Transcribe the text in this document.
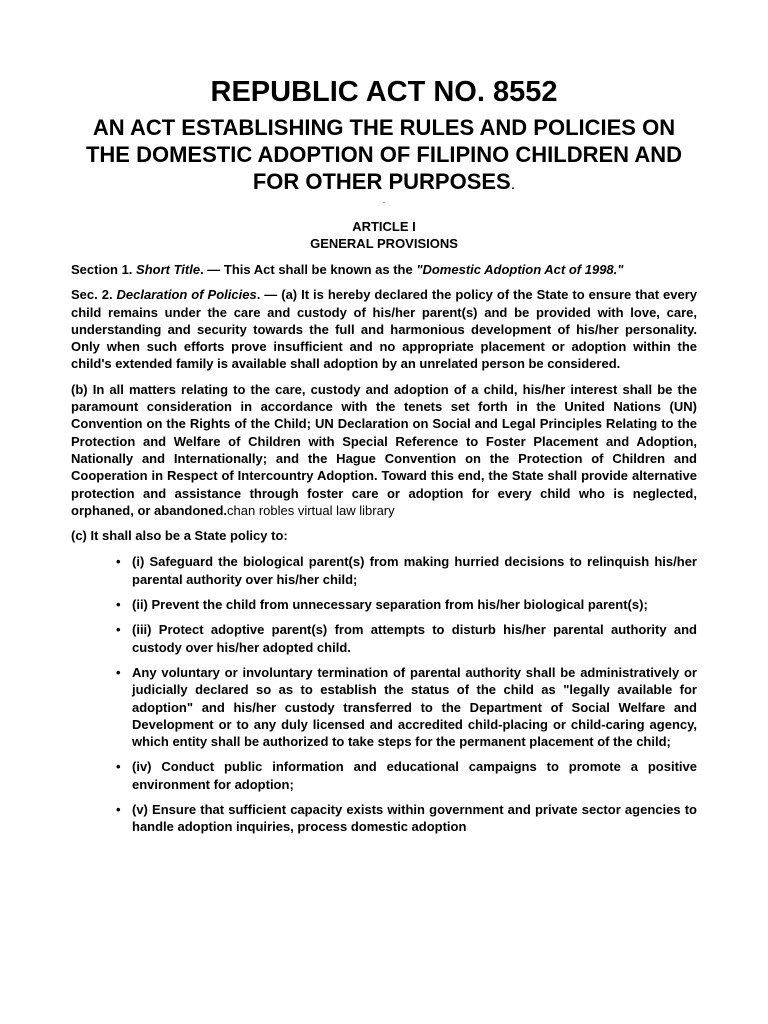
REPUBLIC ACT NO. 8552
AN ACT ESTABLISHING THE RULES AND POLICIES ON THE DOMESTIC ADOPTION OF FILIPINO CHILDREN AND FOR OTHER PURPOSES.
.
ARTICLE I
GENERAL PROVISIONS

Section 1. Short Title. — This Act shall be known as the "Domestic Adoption Act of 1998."

Sec. 2. Declaration of Policies. — (a) It is hereby declared the policy of the State to ensure that every child remains under the care and custody of his/her parent(s) and be provided with love, care, understanding and security towards the full and harmonious development of his/her personality. Only when such efforts prove insufficient and no appropriate placement or adoption within the child's extended family is available shall adoption by an unrelated person be considered.

(b) In all matters relating to the care, custody and adoption of a child, his/her interest shall be the paramount consideration in accordance with the tenets set forth in the United Nations (UN) Convention on the Rights of the Child; UN Declaration on Social and Legal Principles Relating to the Protection and Welfare of Children with Special Reference to Foster Placement and Adoption, Nationally and Internationally; and the Hague Convention on the Protection of Children and Cooperation in Respect of Intercountry Adoption. Toward this end, the State shall provide alternative protection and assistance through foster care or adoption for every child who is neglected, orphaned, or abandoned.chan robles virtual law library

(c) It shall also be a State policy to:

• (i) Safeguard the biological parent(s) from making hurried decisions to relinquish his/her parental authority over his/her child;
• (ii) Prevent the child from unnecessary separation from his/her biological parent(s);
• (iii) Protect adoptive parent(s) from attempts to disturb his/her parental authority and custody over his/her adopted child.
• Any voluntary or involuntary termination of parental authority shall be administratively or judicially declared so as to establish the status of the child as "legally available for adoption" and his/her custody transferred to the Department of Social Welfare and Development or to any duly licensed and accredited child-placing or child-caring agency, which entity shall be authorized to take steps for the permanent placement of the child;
• (iv) Conduct public information and educational campaigns to promote a positive environment for adoption;
• (v) Ensure that sufficient capacity exists within government and private sector agencies to handle adoption inquiries, process domestic adoption
